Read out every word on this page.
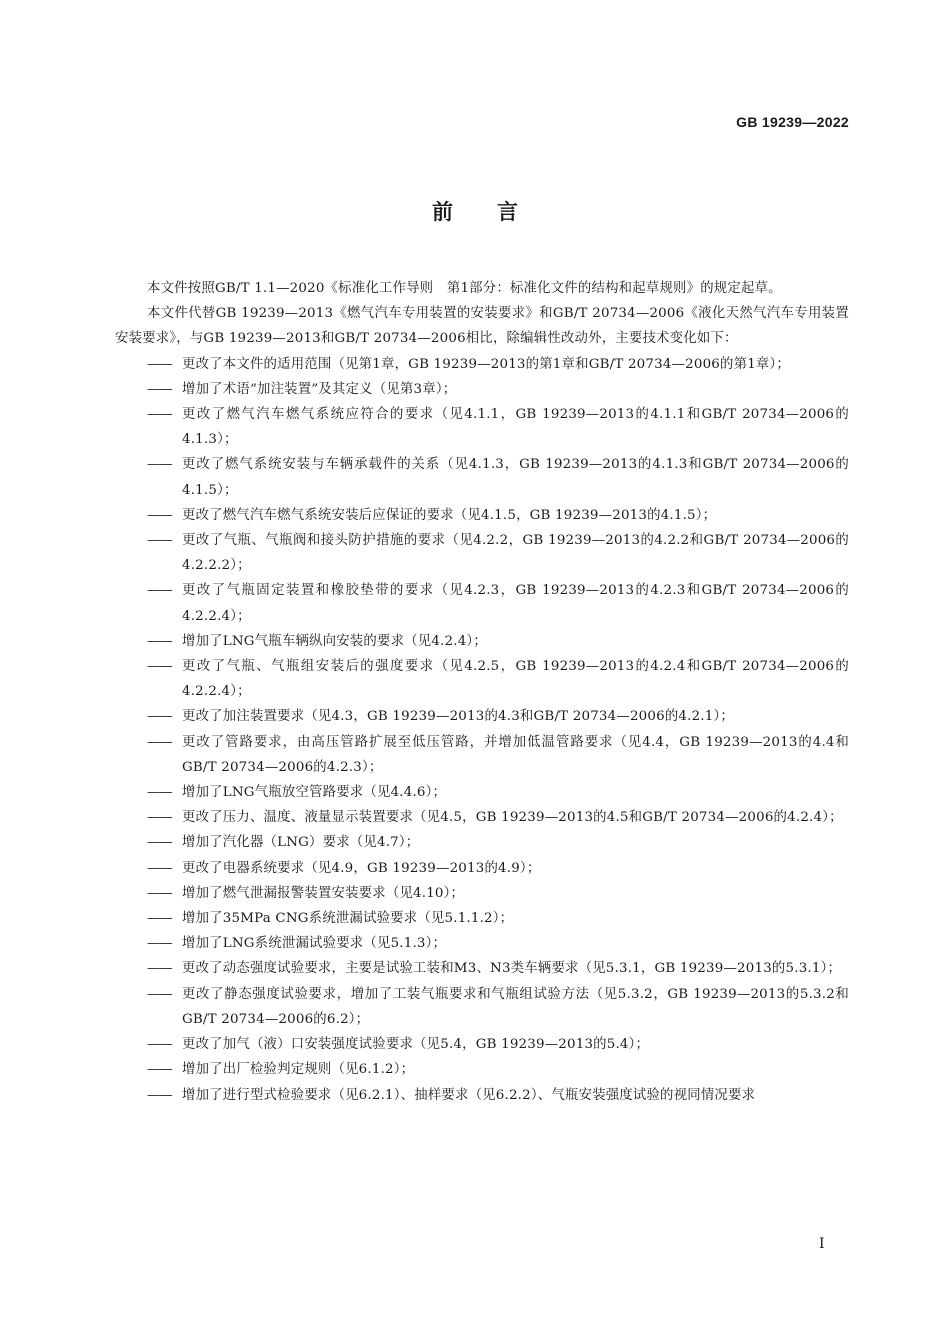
GB 19239—2022
前言

本文件按照GB/T 1.1—2020《标准化工作导则　第1部分：标准化文件的结构和起草规则》的规定起草。

本文件代替GB 19239—2013《燃气汽车专用装置的安装要求》和GB/T 20734—2006《液化天然气汽车专用装置安装要求》，与GB 19239—2013和GB/T 20734—2006相比，除编辑性改动外，主要技术变化如下：

—— 更改了本文件的适用范围（见第1章，GB 19239—2013的第1章和GB/T 20734—2006的第1章）；
—— 增加了术语“加注装置”及其定义（见第3章）；
—— 更改了燃气汽车燃气系统应符合的要求（见4.1.1，GB 19239—2013的4.1.1和GB/T 20734—2006的4.1.3）；
—— 更改了燃气系统安装与车辆承载件的关系（见4.1.3，GB 19239—2013的4.1.3和GB/T 20734—2006的4.1.5）；
—— 更改了燃气汽车燃气系统安装后应保证的要求（见4.1.5，GB 19239—2013的4.1.5）；
—— 更改了气瓶、气瓶阀和接头防护措施的要求（见4.2.2，GB 19239—2013的4.2.2和GB/T 20734—2006的4.2.2.2）；
—— 更改了气瓶固定装置和橡胶垫带的要求（见4.2.3，GB 19239—2013的4.2.3和GB/T 20734—2006的4.2.2.4）；
—— 增加了LNG气瓶车辆纵向安装的要求（见4.2.4）；
—— 更改了气瓶、气瓶组安装后的强度要求（见4.2.5，GB 19239—2013的4.2.4和GB/T 20734—2006的4.2.2.4）；
—— 更改了加注装置要求（见4.3，GB 19239—2013的4.3和GB/T 20734—2006的4.2.1）；
—— 更改了管路要求，由高压管路扩展至低压管路，并增加低温管路要求（见4.4，GB 19239—2013的4.4和GB/T 20734—2006的4.2.3）；
—— 增加了LNG气瓶放空管路要求（见4.4.6）；
—— 更改了压力、温度、液量显示装置要求（见4.5，GB 19239—2013的4.5和GB/T 20734—2006的4.2.4）；
—— 增加了汽化器（LNG）要求（见4.7）；
—— 更改了电器系统要求（见4.9，GB 19239—2013的4.9）；
—— 增加了燃气泄漏报警装置安装要求（见4.10）；
—— 增加了35MPa CNG系统泄漏试验要求（见5.1.1.2）；
—— 增加了LNG系统泄漏试验要求（见5.1.3）；
—— 更改了动态强度试验要求，主要是试验工装和M3、N3类车辆要求（见5.3.1，GB 19239—2013的5.3.1）；
—— 更改了静态强度试验要求，增加了工装气瓶要求和气瓶组试验方法（见5.3.2，GB 19239—2013的5.3.2和GB/T 20734—2006的6.2）；
—— 更改了加气（液）口安装强度试验要求（见5.4，GB 19239—2013的5.4）；
—— 增加了出厂检验判定规则（见6.1.2）；
—— 增加了进行型式检验要求（见6.2.1）、抽样要求（见6.2.2）、气瓶安装强度试验的视同情况要求
I
